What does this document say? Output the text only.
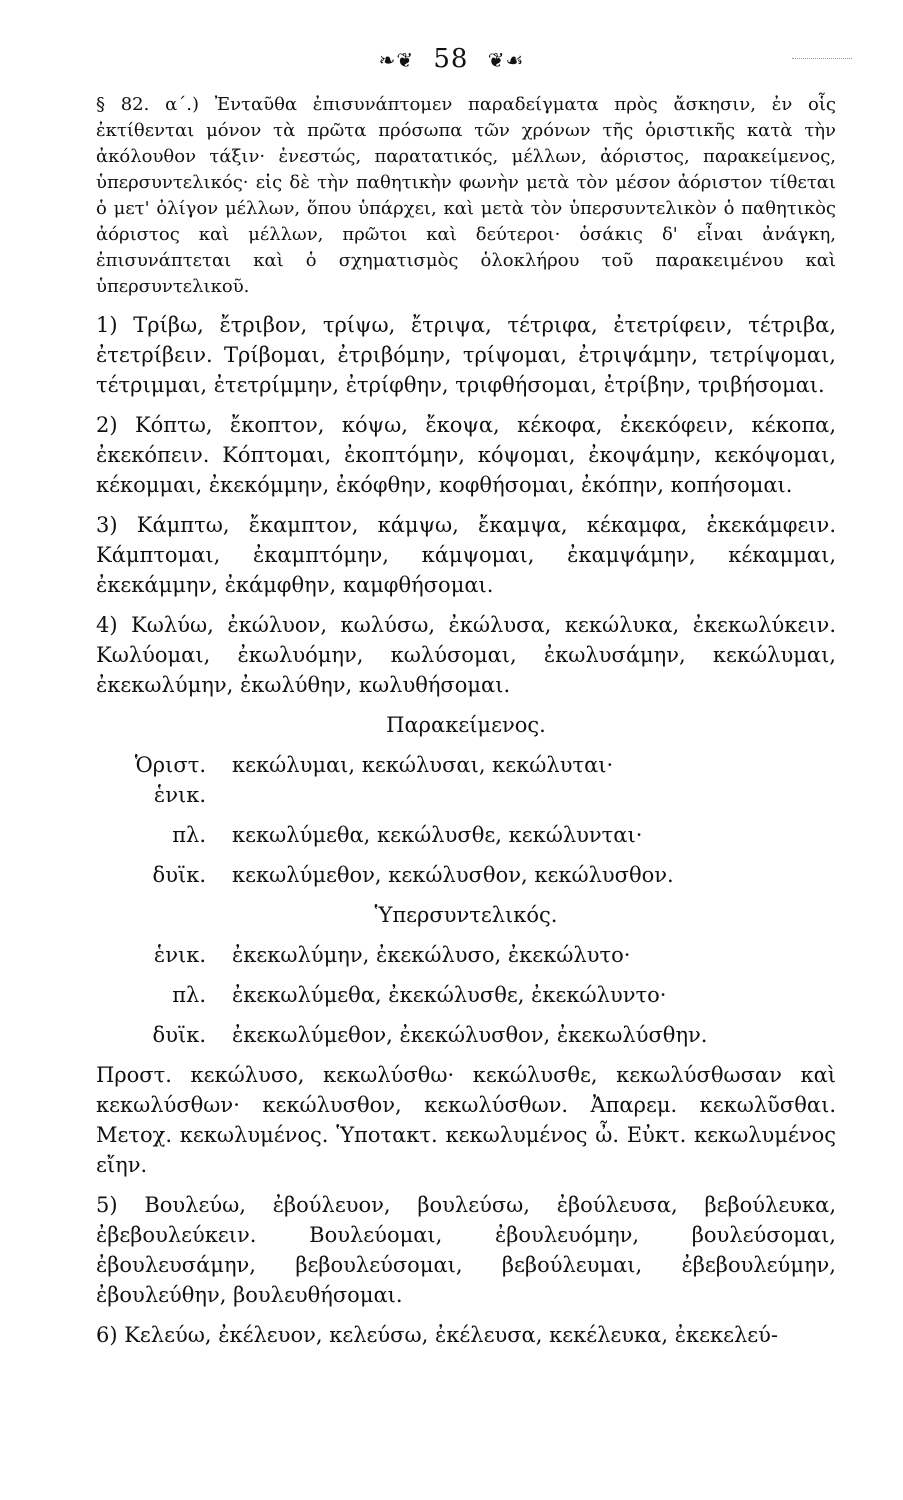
❧❦ 58 ❦☙

§ 82. α΄.) Ἐνταῦθα ἐπισυνάπτομεν παραδείγματα πρὸς ἄσκησιν, ἐν οἷς ἐκτίθενται μόνον τὰ πρῶτα πρόσωπα τῶν χρόνων τῆς ὁριστικῆς κατὰ τὴν ἀκόλουθον τάξιν· ἐνεστώς, παρατατικός, μέλλων, ἀόριστος, παρακείμενος, ὑπερσυντελικός· εἰς δὲ τὴν παθητικὴν φωνὴν μετὰ τὸν μέσον ἀόριστον τίθεται ὁ μετ' ὀλίγον μέλλων, ὅπου ὑπάρχει, καὶ μετὰ τὸν ὑπερσυντελικὸν ὁ παθητικὸς ἀόριστος καὶ μέλλων, πρῶτοι καὶ δεύτεροι· ὁσάκις δ' εἶναι ἀνάγκη, ἐπισυνάπτεται καὶ ὁ σχηματισμὸς ὁλοκλήρου τοῦ παρακειμένου καὶ ὑπερσυντελικοῦ.

1) Τρίβω, ἔτριβον, τρίψω, ἔτριψα, τέτριφα, ἐτετρίφειν, τέτριβα, ἐτετρίβειν. Τρίβομαι, ἐτριβόμην, τρίψομαι, ἐτριψάμην, τετρίψομαι, τέτριμμαι, ἐτετρίμμην, ἐτρίφθην, τριφθήσομαι, ἐτρίβην, τριβήσομαι.

2) Κόπτω, ἔκοπτον, κόψω, ἔκοψα, κέκοφα, ἐκεκόφειν, κέκοπα, ἐκεκόπειν. Κόπτομαι, ἐκοπτόμην, κόψομαι, ἐκοψάμην, κεκόψομαι, κέκομμαι, ἐκεκόμμην, ἐκόφθην, κοφθήσομαι, ἐκόπην, κοπήσομαι.

3) Κάμπτω, ἔκαμπτον, κάμψω, ἔκαμψα, κέκαμφα, ἐκεκάμφειν. Κάμπτομαι, ἐκαμπτόμην, κάμψομαι, ἐκαμψάμην, κέκαμμαι, ἐκεκάμμην, ἐκάμφθην, καμφθήσομαι.

4) Κωλύω, ἐκώλυον, κωλύσω, ἐκώλυσα, κεκώλυκα, ἐκεκωλύκειν. Κωλύομαι, ἐκωλυόμην, κωλύσομαι, ἐκωλυσάμην, κεκώλυμαι, ἐκεκωλύμην, ἐκωλύθην, κωλυθήσομαι.

Παρακείμενος.

Ὁριστ. ἑνικ.
κεκώλυμαι, κεκώλυσαι, κεκώλυται·
πλ. κεκωλύμεθα, κεκώλυσθε, κεκώλυνται·
δυϊκ. κεκωλύμεθον, κεκώλυσθον, κεκώλυσθον.

Ὑπερσυντελικός.

ἑνικ. ἐκεκωλύμην, ἐκεκώλυσο, ἐκεκώλυτο·
πλ. ἐκεκωλύμεθα, ἐκεκώλυσθε, ἐκεκώλυντο·
δυϊκ. ἐκεκωλύμεθον, ἐκεκώλυσθον, ἐκεκωλύσθην.

Προστ. κεκώλυσο, κεκωλύσθω· κεκώλυσθε, κεκωλύσθωσαν καὶ κεκωλύσθων· κεκώλυσθον, κεκωλύσθων. Ἀπαρεμ. κεκωλῦσθαι. Μετοχ. κεκωλυμένος. Ὑποτακτ. κεκωλυμένος ὦ. Εὐκτ. κεκωλυμένος εἴην.

5) Βουλεύω, ἐβούλευον, βουλεύσω, ἐβούλευσα, βεβούλευκα, ἐβεβουλεύκειν. Βουλεύομαι, ἐβουλευόμην, βουλεύσομαι, ἐβουλευσάμην, βεβουλεύσομαι, βεβούλευμαι, ἐβεβουλεύμην, ἐβουλεύθην, βουλευθήσομαι.

6) Κελεύω, ἐκέλευον, κελεύσω, ἐκέλευσα, κεκέλευκα, ἐκεκελεύ-
